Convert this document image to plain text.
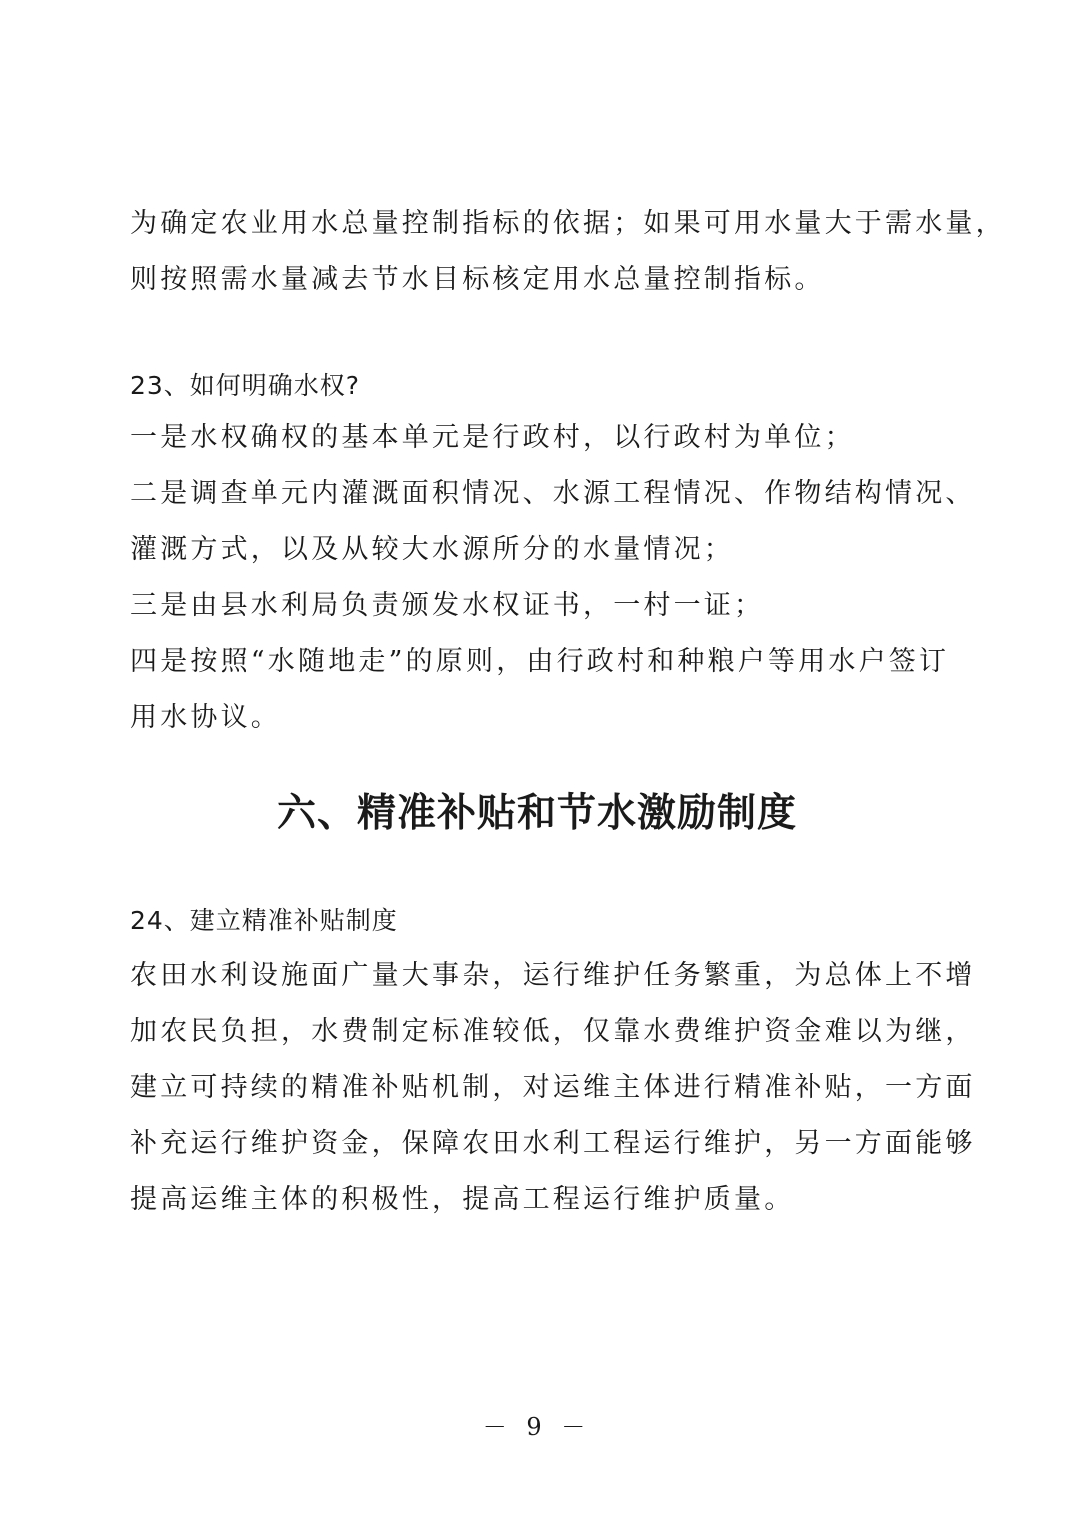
为确定农业用水总量控制指标的依据；如果可用水量大于需水量，
则按照需水量减去节水目标核定用水总量控制指标。
23、如何明确水权?
一是水权确权的基本单元是行政村，以行政村为单位；
二是调查单元内灌溉面积情况、水源工程情况、作物结构情况、
灌溉方式，以及从较大水源所分的水量情况；
三是由县水利局负责颁发水权证书，一村一证；
四是按照“水随地走”的原则，由行政村和种粮户等用水户签订
用水协议。
六、精准补贴和节水激励制度
24、建立精准补贴制度
农田水利设施面广量大事杂，运行维护任务繁重，为总体上不增
加农民负担，水费制定标准较低，仅靠水费维护资金难以为继，
建立可持续的精准补贴机制，对运维主体进行精准补贴，一方面
补充运行维护资金，保障农田水利工程运行维护，另一方面能够
提高运维主体的积极性，提高工程运行维护质量。
－ 9 －
